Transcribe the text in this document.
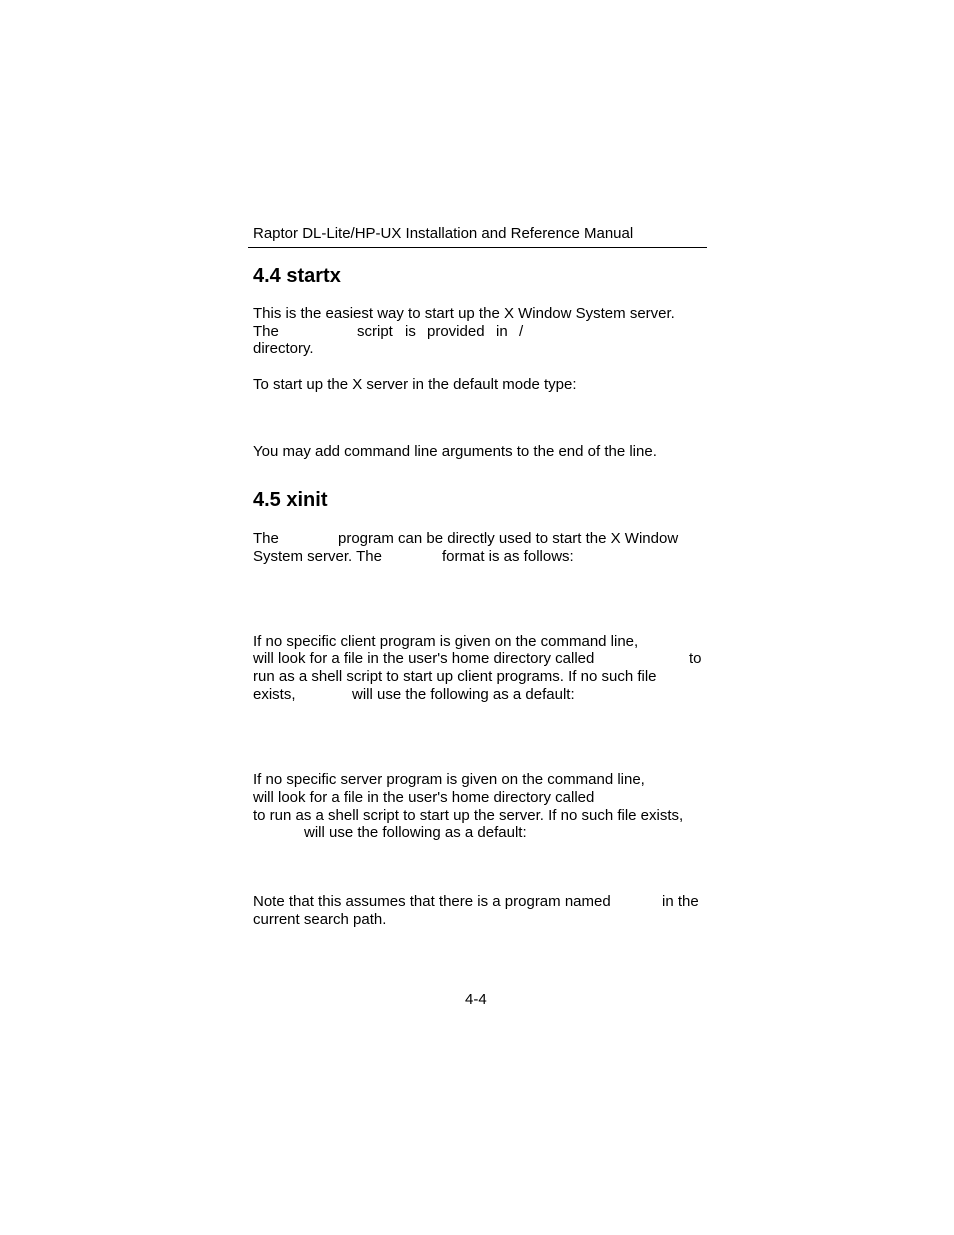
Raptor DL-Lite/HP-UX Installation and Reference Manual
4.4 startx
This is the easiest way to start up the X Window System server.
The	script is provided in /
directory.
To start up the X server in the default mode type:
You may add command line arguments to the end of the line.
4.5 xinit
The	program can be directly used to start the X Window
System server. The	format is as follows:
If no specific client program is given on the command line,
will look for a file in the user's home directory called	to
run as a shell script to start up client programs. If no such file
exists,	will use the following as a default:
If no specific server program is given on the command line,
will look for a file in the user's home directory called
to run as a shell script to start up the server. If no such file exists,
will use the following as a default:
Note that this assumes that there is a program named	in the
current search path.
4-4
